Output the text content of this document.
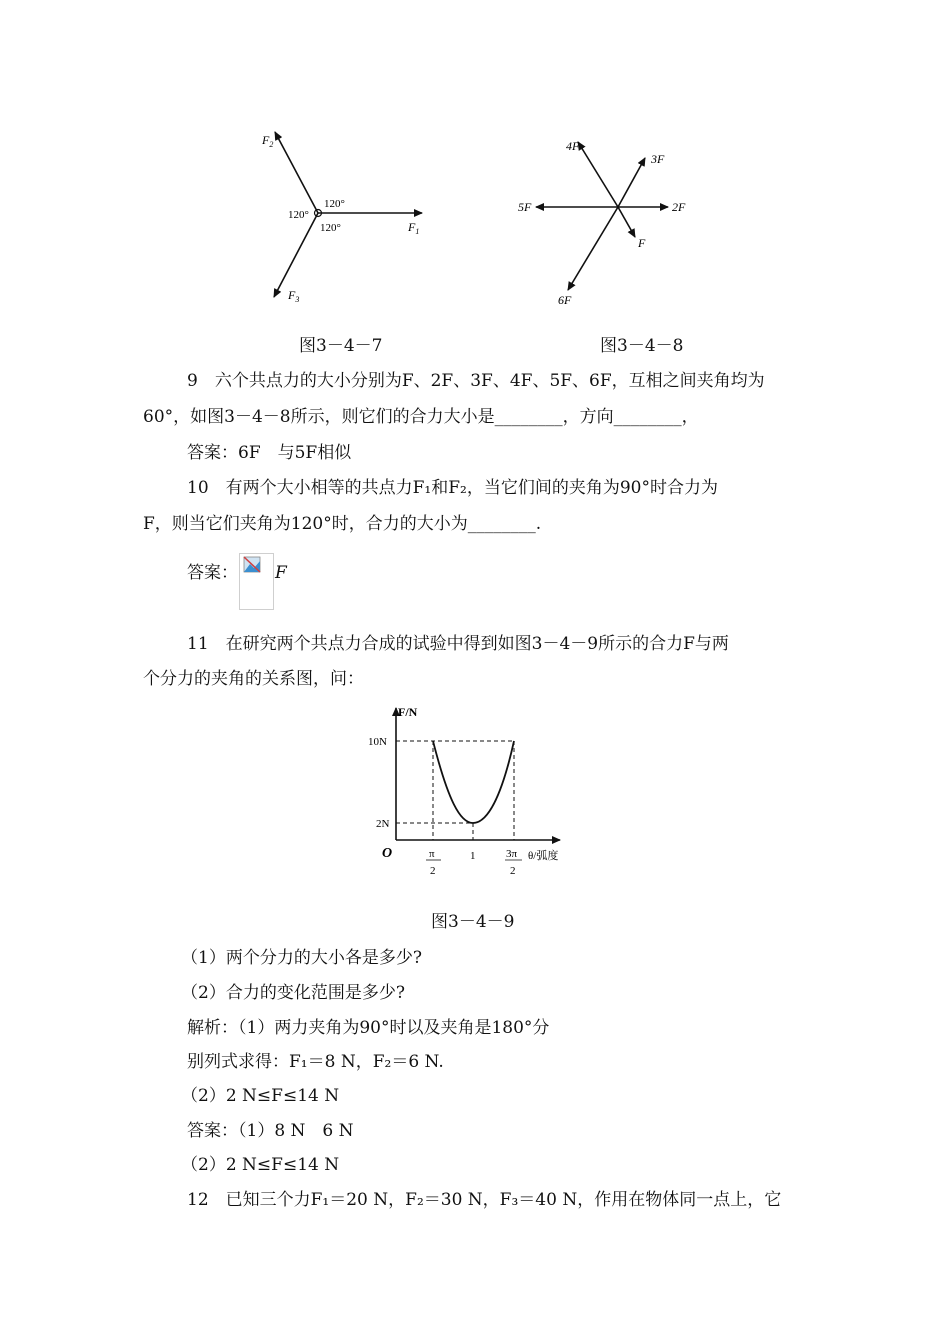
$F_2$
$F_1$
$F_3$
120°
120°
120°
4F
3F
5F	2F
F
6F
图3－4－7	图3－4－8
9　六个共点力的大小分别为F、2F、3F、4F、5F、6F，互相之间夹角均为
60°，如图3－4－8所示，则它们的合力大小是________，方向________，
答案：6F　与5F相似
10　有两个大小相等的共点力F₁和F₂，当它们间的夹角为90°时合力为
F，则当它们夹角为120°时，合力的大小为________.
答案： F
11　在研究两个共点力合成的试验中得到如图3－4－9所示的合力F与两
个分力的夹角的关系图，问：
F/N
10N
2N
O	π
2
1	3π
2
θ/弧度
图3－4－9
（1）两个分力的大小各是多少?
（2）合力的变化范围是多少?
解析：（1）两力夹角为90°时以及夹角是180°分
别列式求得：F₁＝8 N，F₂＝6 N.
（2）2 N≤F≤14 N
答案：（1）8 N　6 N
（2）2 N≤F≤14 N
12　已知三个力F₁＝20 N，F₂＝30 N，F₃＝40 N，作用在物体同一点上，它
